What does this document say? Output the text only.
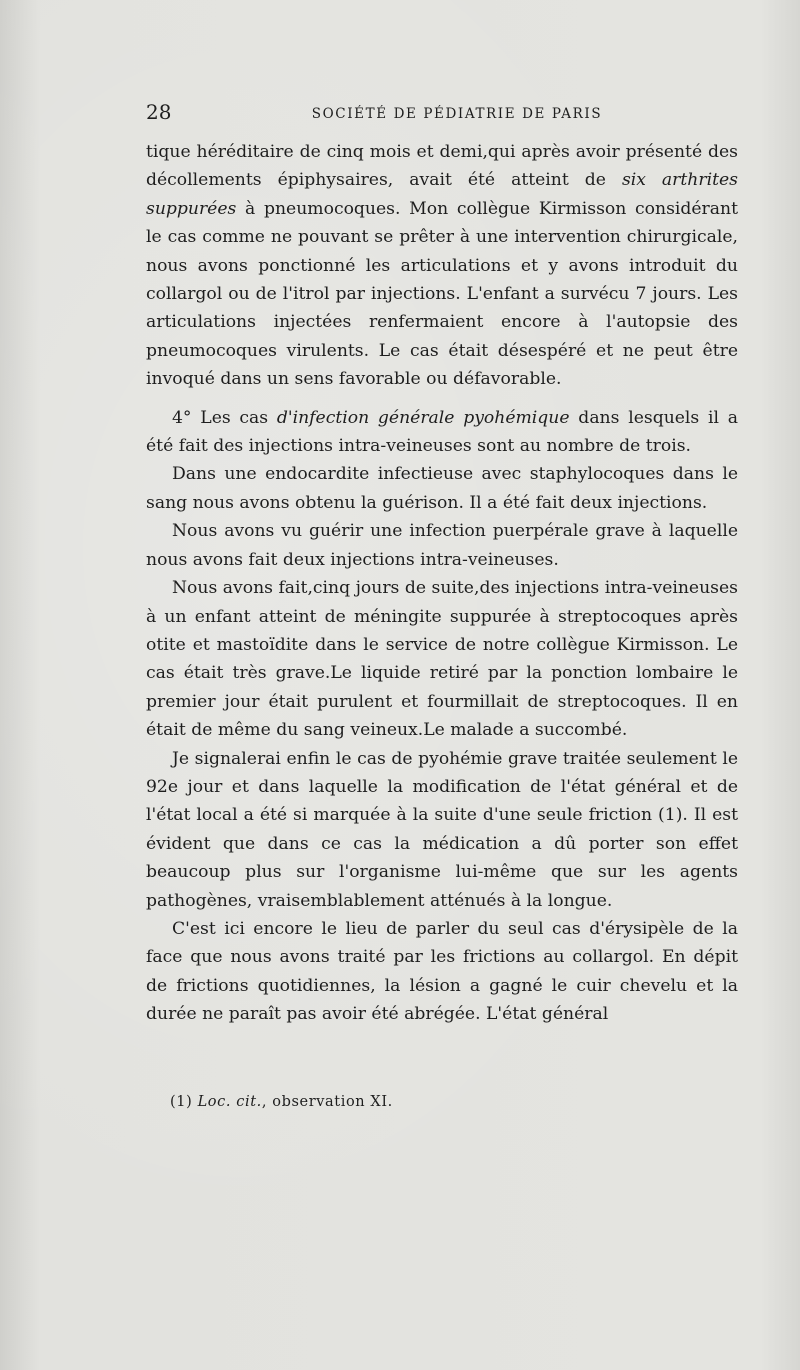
28	SOCIÉTÉ DE PÉDIATRIE DE PARIS

tique héréditaire de cinq mois et demi,qui après avoir présenté des décollements épiphysaires, avait été atteint de six arthrites suppurées à pneumocoques. Mon collègue Kirmisson considérant le cas comme ne pouvant se prêter à une intervention chirurgicale, nous avons ponctionné les articulations et y avons introduit du collargol ou de l'itrol par injections. L'enfant a survécu 7 jours. Les articulations injectées renfermaient encore à l'autopsie des pneumocoques virulents. Le cas était désespéré et ne peut être invoqué dans un sens favorable ou défavorable.

4° Les cas d'infection générale pyohémique dans lesquels il a été fait des injections intra-veineuses sont au nombre de trois.

Dans une endocardite infectieuse avec staphylocoques dans le sang nous avons obtenu la guérison. Il a été fait deux injections.

Nous avons vu guérir une infection puerpérale grave à laquelle nous avons fait deux injections intra-veineuses.

Nous avons fait,cinq jours de suite,des injections intra-veineuses à un enfant atteint de méningite suppurée à streptocoques après otite et mastoïdite dans le service de notre collègue Kirmisson. Le cas était très grave.Le liquide retiré par la ponction lombaire le premier jour était purulent et fourmillait de streptocoques. Il en était de même du sang veineux.Le malade a succombé.

Je signalerai enfin le cas de pyohémie grave traitée seulement le 92e jour et dans laquelle la modification de l'état général et de l'état local a été si marquée à la suite d'une seule friction (1). Il est évident que dans ce cas la médication a dû porter son effet beaucoup plus sur l'organisme lui-même que sur les agents pathogènes, vraisemblablement atténués à la longue.

C'est ici encore le lieu de parler du seul cas d'érysipèle de la face que nous avons traité par les frictions au collargol. En dépit de frictions quotidiennes, la lésion a gagné le cuir chevelu et la durée ne paraît pas avoir été abrégée. L'état général

(1) Loc. cit., observation XI.
